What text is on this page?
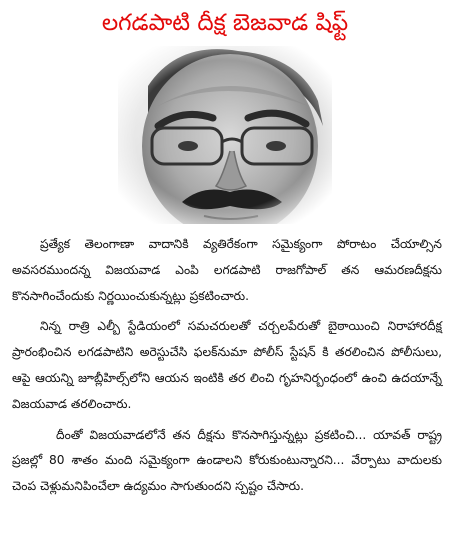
లగడపాటి దీక్ష బెజవాడ షిఫ్ట్

ప్రత్యేక తెలంగాణా వాదానికి వ్యతిరేకంగా సమైక్యంగా పోరాటం చేయాల్సిన అవసరముందన్న విజయవాడ ఎంపి లగడపాటి రాజగోపాల్ తన ఆమరణదీక్షను కొనసాగించేందుకు నిర్ణయించుకున్నట్లు ప్రకటించారు.

నిన్న రాత్రి ఎల్బీ స్టేడియంలో సమచరులతో చర్చలపేరుతో బైఠాయించి నిరాహారదీక్ష ప్రారంభించిన లగడపాటిని అరెస్టుచేసి ఫలక్‌నుమా పోలీస్ స్టేషన్ కి తరలించిన పోలీసులు, ఆపై ఆయన్ని జూబ్లీహిల్స్‌లోని ఆయన ఇంటికి తర లించి గృహనిర్బంధంలో ఉంచి ఉదయాన్నే విజయవాడ తరలించారు.

దీంతో విజయవాడలోనే తన దీక్షను కొనసాగిస్తున్నట్లు ప్రకటించి... యావత్ రాష్ట్ర ప్రజల్లో 80 శాతం మంది సమైక్యంగా ఉండాలని కోరుకుంటున్నారని... వేర్పాటు వాదులకు చెంప చెళ్లుమనిపించేలా ఉద్యమం సాగుతుందని స్పష్టం చేసారు.
